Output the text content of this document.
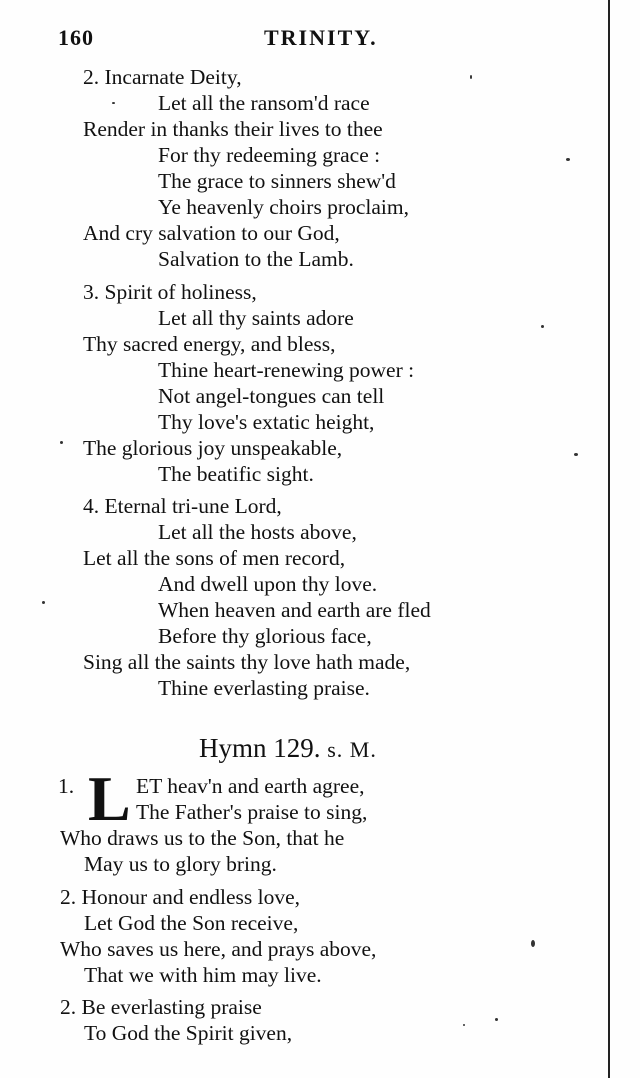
160	TRINITY.
2. Incarnate Deity,
Let all the ransom'd race
Render in thanks their lives to thee
For thy redeeming grace :
The grace to sinners shew'd
Ye heavenly choirs proclaim,
And cry salvation to our God,
Salvation to the Lamb.
3. Spirit of holiness,
Let all thy saints adore
Thy sacred energy, and bless,
Thine heart-renewing power :
Not angel-tongues can tell
Thy love's extatic height,
The glorious joy unspeakable,
The beatific sight.
4. Eternal tri-une Lord,
Let all the hosts above,
Let all the sons of men record,
And dwell upon thy love.
When heaven and earth are fled
Before thy glorious face,
Sing all the saints thy love hath made,
Thine everlasting praise.
Hymn 129. s. M.
1. L ET heav'n and earth agree,
The Father's praise to sing,
Who draws us to the Son, that he
May us to glory bring.
2. Honour and endless love,
Let God the Son receive,
Who saves us here, and prays above,
That we with him may live.
2. Be everlasting praise
To God the Spirit given,
